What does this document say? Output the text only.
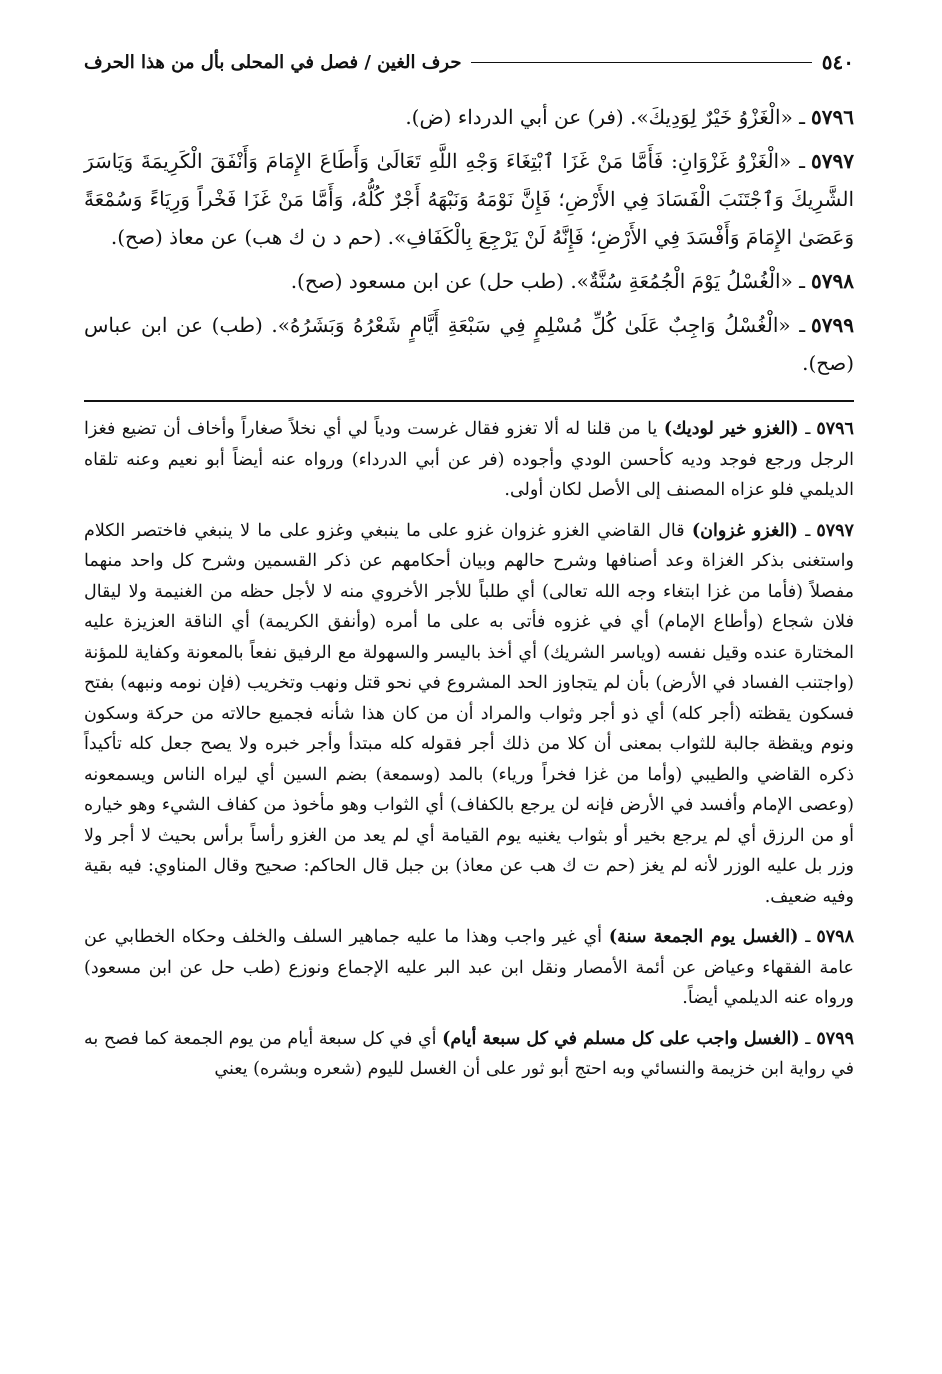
٥٤٠
حرف الغين / فصل في المحلى بأل من هذا الحرف

٥٧٩٦ـ «الْغَزْوُ خَيْرٌ لِوَدِيكَ». (فر) عن أبي الدرداء (ض).

٥٧٩٧ـ «الْغَزْوُ غَزْوَانِ: فَأَمَّا مَنْ غَزَا ٱبْتِغَاءَ وَجْهِ اللَّهِ تَعَالَىٰ وَأَطَاعَ الإِمَامَ وَأَنْفَقَ الْكَرِيمَةَ وَيَاسَرَ الشَّرِيكَ وَٱجْتَنَبَ الْفَسَادَ فِي الأَرْضِ؛ فَإِنَّ نَوْمَهُ وَنَبْهَهُ أَجْرٌ كُلُّهُ، وَأَمَّا مَنْ غَزَا فَخْراً وَرِيَاءً وَسُمْعَةً وَعَصَىٰ الإِمَامَ وَأَفْسَدَ فِي الأَرْضِ؛ فَإِنَّهُ لَنْ يَرْجِعَ بِالْكَفَافِ». (حم د ن ك هب) عن معاذ (صح).

٥٧٩٨ـ «الْغُسْلُ يَوْمَ الْجُمُعَةِ سُنَّةٌ». (طب حل) عن ابن مسعود (صح).

٥٧٩٩ـ «الْغُسْلُ وَاجِبٌ عَلَىٰ كُلِّ مُسْلِمٍ فِي سَبْعَةِ أَيَّامٍ شَعْرُهُ وَبَشَرُهُ». (طب) عن ابن عباس (صح).

٥٧٩٦ـ (الغزو خير لوديك) يا من قلنا له ألا تغزو فقال غرست ودياً لي أي نخلاً صغاراً وأخاف أن تضيع فغزا الرجل ورجع فوجد وديه كأحسن الودي وأجوده (فر عن أبي الدرداء) ورواه عنه أيضاً أبو نعيم وعنه تلقاه الديلمي فلو عزاه المصنف إلى الأصل لكان أولى.

٥٧٩٧ـ (الغزو غزوان) قال القاضي الغزو غزوان غزو على ما ينبغي وغزو على ما لا ينبغي فاختصر الكلام واستغنى بذكر الغزاة وعد أصنافها وشرح حالهم وبيان أحكامهم عن ذكر القسمين وشرح كل واحد منهما مفصلاً (فأما من غزا ابتغاء وجه الله تعالى) أي طلباً للأجر الأخروي منه لا لأجل حظه من الغنيمة ولا ليقال فلان شجاع (وأطاع الإمام) أي في غزوه فأتى به على ما أمره (وأنفق الكريمة) أي الناقة العزيزة عليه المختارة عنده وقيل نفسه (وياسر الشريك) أي أخذ باليسر والسهولة مع الرفيق نفعاً بالمعونة وكفاية للمؤنة (واجتنب الفساد في الأرض) بأن لم يتجاوز الحد المشروع في نحو قتل ونهب وتخريب (فإن نومه ونبهه) بفتح فسكون يقظته (أجر كله) أي ذو أجر وثواب والمراد أن من كان هذا شأنه فجميع حالاته من حركة وسكون ونوم ويقظة جالبة للثواب بمعنى أن كلا من ذلك أجر فقوله كله مبتدأ وأجر خبره ولا يصح جعل كله تأكيداً ذكره القاضي والطيبي (وأما من غزا فخراً ورياء) بالمد (وسمعة) بضم السين أي ليراه الناس ويسمعونه (وعصى الإمام وأفسد في الأرض فإنه لن يرجع بالكفاف) أي الثواب وهو مأخوذ من كفاف الشيء وهو خياره أو من الرزق أي لم يرجع بخير أو بثواب يغنيه يوم القيامة أي لم يعد من الغزو رأساً برأس بحيث لا أجر ولا وزر بل عليه الوزر لأنه لم يغز (حم ت ك هب عن معاذ) بن جبل قال الحاكم: صحيح وقال المناوي: فيه بقية وفيه ضعيف.

٥٧٩٨ـ (الغسل يوم الجمعة سنة) أي غير واجب وهذا ما عليه جماهير السلف والخلف وحكاه الخطابي عن عامة الفقهاء وعياض عن أئمة الأمصار ونقل ابن عبد البر عليه الإجماع ونوزع (طب حل عن ابن مسعود) ورواه عنه الديلمي أيضاً.

٥٧٩٩ـ (الغسل واجب على كل مسلم في كل سبعة أيام) أي في كل سبعة أيام من يوم الجمعة كما فصح به في رواية ابن خزيمة والنسائي وبه احتج أبو ثور على أن الغسل لليوم (شعره وبشره) يعني
